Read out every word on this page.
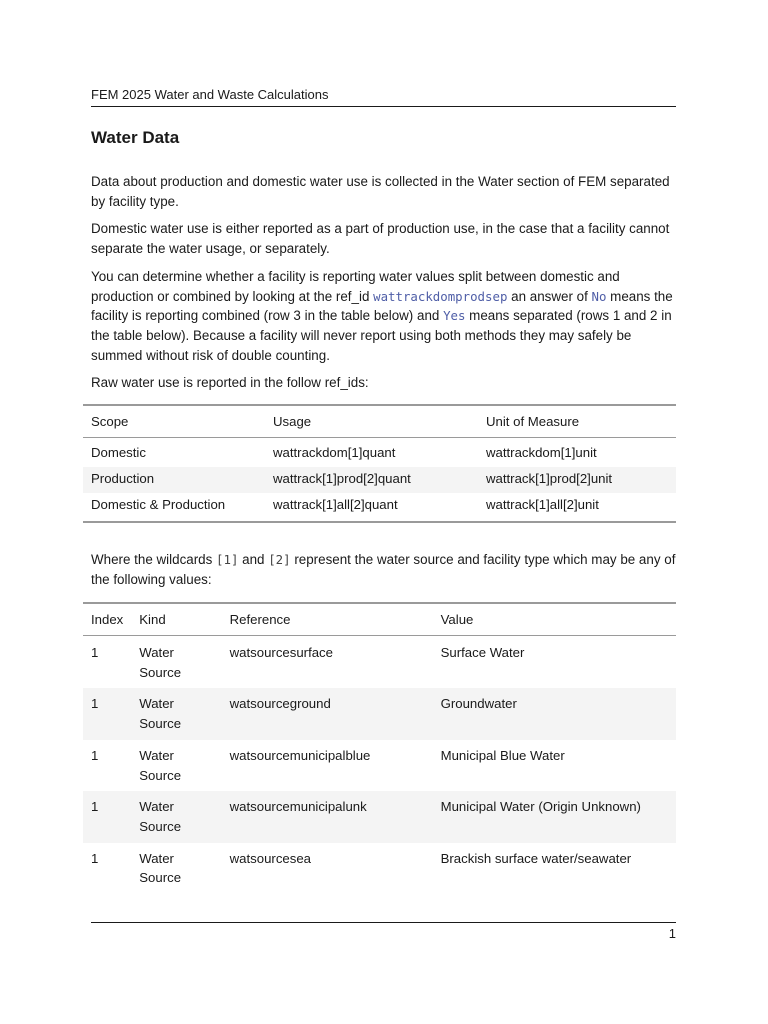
FEM 2025 Water and Waste Calculations
Water Data

Data about production and domestic water use is collected in the Water section of FEM separated by facility type.

Domestic water use is either reported as a part of production use, in the case that a facility cannot separate the water usage, or separately.

You can determine whether a facility is reporting water values split between domestic and production or combined by looking at the ref_id wattrackdomprodsep an answer of No means the facility is reporting combined (row 3 in the table below) and Yes means separated (rows 1 and 2 in the table below). Because a facility will never report using both methods they may safely be summed without risk of double counting.

Raw water use is reported in the follow ref_ids:

Scope	Usage	Unit of Measure
Domestic	wattrackdom[1]quant	wattrackdom[1]unit
Production	wattrack[1]prod[2]quant	wattrack[1]prod[2]unit
Domestic & Production	wattrack[1]all[2]quant	wattrack[1]all[2]unit
Where the wildcards [1] and [2] represent the water source and facility type which may be any of the following values:
Index	Kind	Reference	Value
1	Water Source	watsourcesurface	Surface Water
1	Water Source	watsourceground	Groundwater
1	Water Source	watsourcemunicipalblue	Municipal Blue Water
1	Water Source	watsourcemunicipalunk	Municipal Water (Origin Unknown)
1	Water Source	watsourcesea	Brackish surface water/seawater
1
